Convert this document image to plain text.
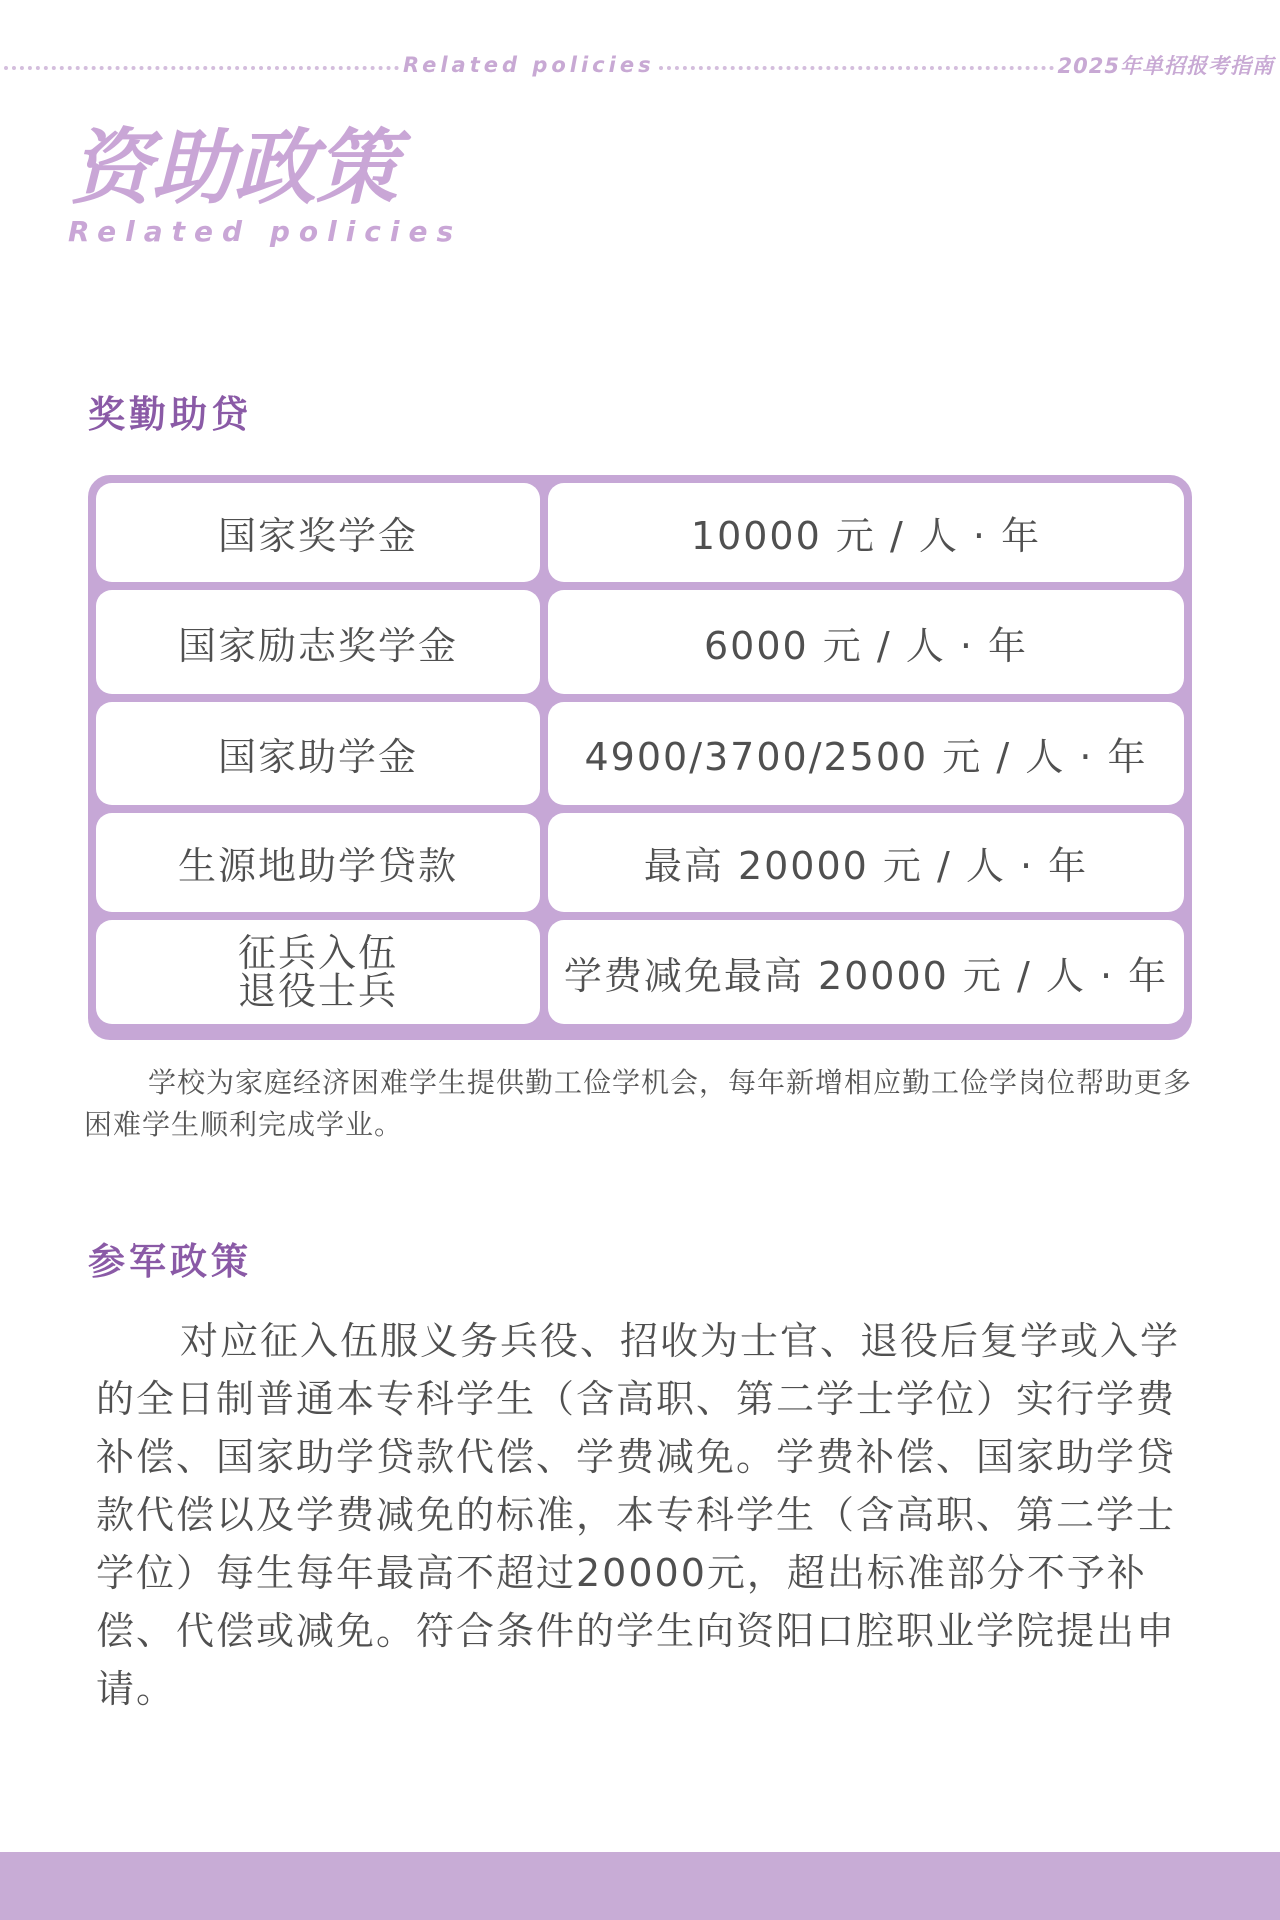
Related policies	2025年单招报考指南
资助政策
Related policies
奖勤助贷
国家奖学金	10000 元 / 人 · 年
国家励志奖学金	6000 元 / 人 · 年
国家助学金	4900/3700/2500 元 / 人 · 年
生源地助学贷款	最高 20000 元 / 人 · 年
征兵入伍
退役士兵	学费减免最高 20000 元 / 人 · 年

学校为家庭经济困难学生提供勤工俭学机会，每年新增相应勤工俭学岗位帮助更多困难学生顺利完成学业。

参军政策

对应征入伍服义务兵役、招收为士官、退役后复学或入学的全日制普通本专科学生（含高职、第二学士学位）实行学费补偿、国家助学贷款代偿、学费减免。学费补偿、国家助学贷款代偿以及学费减免的标准，本专科学生（含高职、第二学士学位）每生每年最高不超过20000元，超出标准部分不予补偿、代偿或减免。符合条件的学生向资阳口腔职业学院提出申请。
